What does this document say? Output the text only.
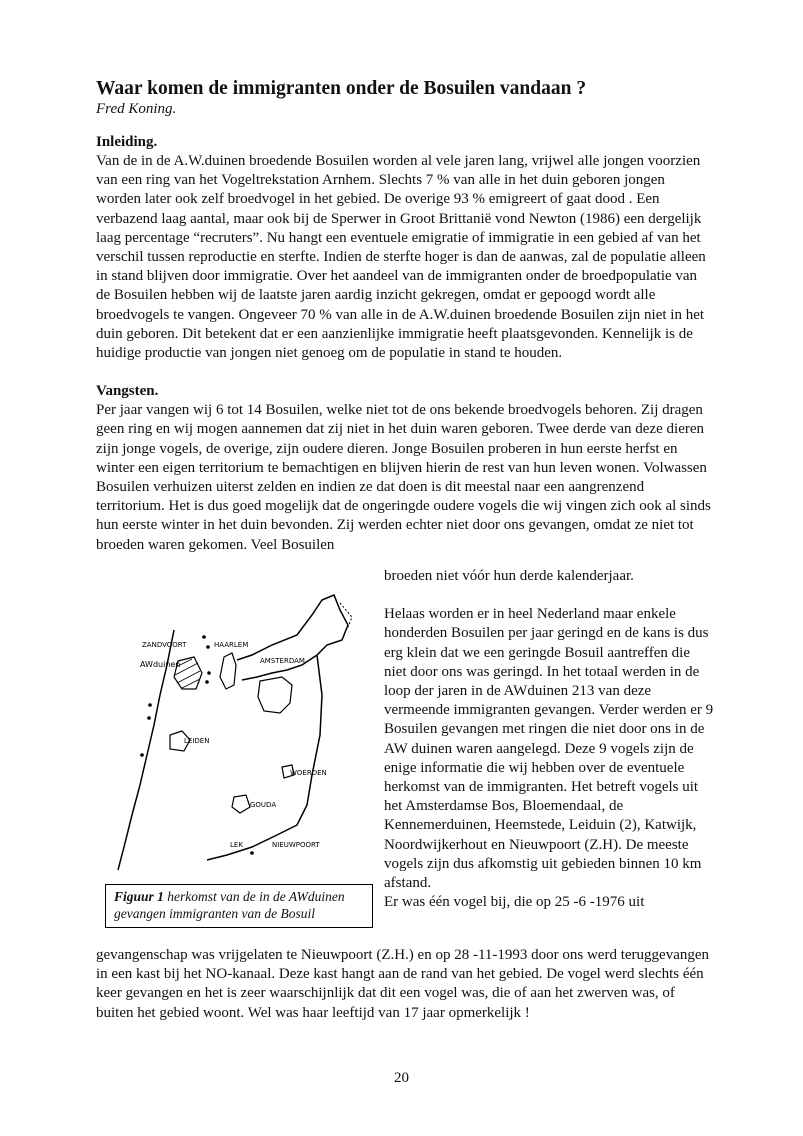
Waar komen de immigranten onder de Bosuilen vandaan ?
Fred Koning.
Inleiding.

Van de in de A.W.duinen broedende Bosuilen worden al vele jaren lang, vrijwel alle jongen voorzien van een ring van het Vogeltrekstation Arnhem. Slechts 7 % van alle in het duin geboren jongen worden later ook zelf broedvogel in het gebied. De overige 93 % emigreert of gaat dood . Een verbazend laag aantal, maar ook bij de Sperwer in Groot Brittanië vond Newton (1986) een dergelijk laag percentage “recruters”. Nu hangt een eventuele emigratie of immigratie in een gebied af van het verschil tussen reproductie en sterfte. Indien de sterfte hoger is dan de aanwas, zal de populatie alleen in stand blijven door immigratie. Over het aandeel van de immigranten onder de broedpopulatie van de Bosuilen hebben wij de laatste jaren aardig inzicht gekregen, omdat er gepoogd wordt alle broedvogels te vangen. Ongeveer 70 % van alle in de A.W.duinen broedende Bosuilen zijn niet in het duin geboren. Dit betekent dat er een aanzienlijke immigratie heeft plaatsgevonden. Kennelijk is de huidige productie van jongen niet genoeg om de populatie in stand te houden.

Vangsten.

Per jaar vangen wij 6 tot 14 Bosuilen, welke niet tot de ons bekende broedvogels behoren. Zij dragen geen ring en wij mogen aannemen dat zij niet in het duin waren geboren. Twee derde van deze dieren zijn jonge vogels, de overige, zijn oudere dieren. Jonge Bosuilen proberen in hun eerste herfst en winter een eigen territorium te bemachtigen en blijven hierin de rest van hun leven wonen. Volwassen Bosuilen verhuizen uiterst zelden en indien ze dat doen is dit meestal naar een aangrenzend territorium. Het is dus goed mogelijk dat de ongeringde oudere vogels die wij vingen zich ook al sinds hun eerste winter in het duin bevonden. Zij werden echter niet door ons gevangen, omdat ze niet tot broeden waren gekomen. Veel Bosuilen

broeden niet vóór hun derde kalenderjaar.

Helaas worden er in heel Nederland maar enkele honderden Bosuilen per jaar geringd en de kans is dus erg klein dat we een geringde Bosuil aantreffen die niet door ons was geringd. In het totaal werden in de loop der jaren in de AWduinen 213 van deze vermeende immigranten gevangen. Verder werden er 9 Bosuilen gevangen met ringen die niet door ons in de AW duinen waren aangelegd. Deze 9 vogels zijn de enige informatie die wij hebben over de eventuele herkomst van de immigranten. Het betreft vogels uit het Amsterdamse Bos, Bloemendaal, de Kennemerduinen, Heemstede, Leiduin (2), Katwijk, Noordwijkerhout en Nieuwpoort (Z.H). De meeste vogels zijn dus afkomstig uit gebieden binnen 10 km afstand.

Er was één vogel bij, die op 25 -6 -1976 uit

gevangenschap was vrijgelaten te Nieuwpoort (Z.H.) en op 28 -11-1993 door ons werd teruggevangen in een kast bij het NO-kanaal. Deze kast hangt aan de rand van het gebied. De vogel werd slechts één keer gevangen en het is zeer waarschijnlijk dat dit een vogel was, die of aan het zwerven was, of buiten het gebied woont. Wel was haar leeftijd van 17 jaar opmerkelijk !

ZANDVOORT
AWduinen
HAARLEM
AMSTERDAM
LEIDEN
WOERDEN
GOUDA
LEK	NIEUWPOORT
Figuur 1 herkomst van de in de AWduinen gevangen immigranten van de Bosuil
20
